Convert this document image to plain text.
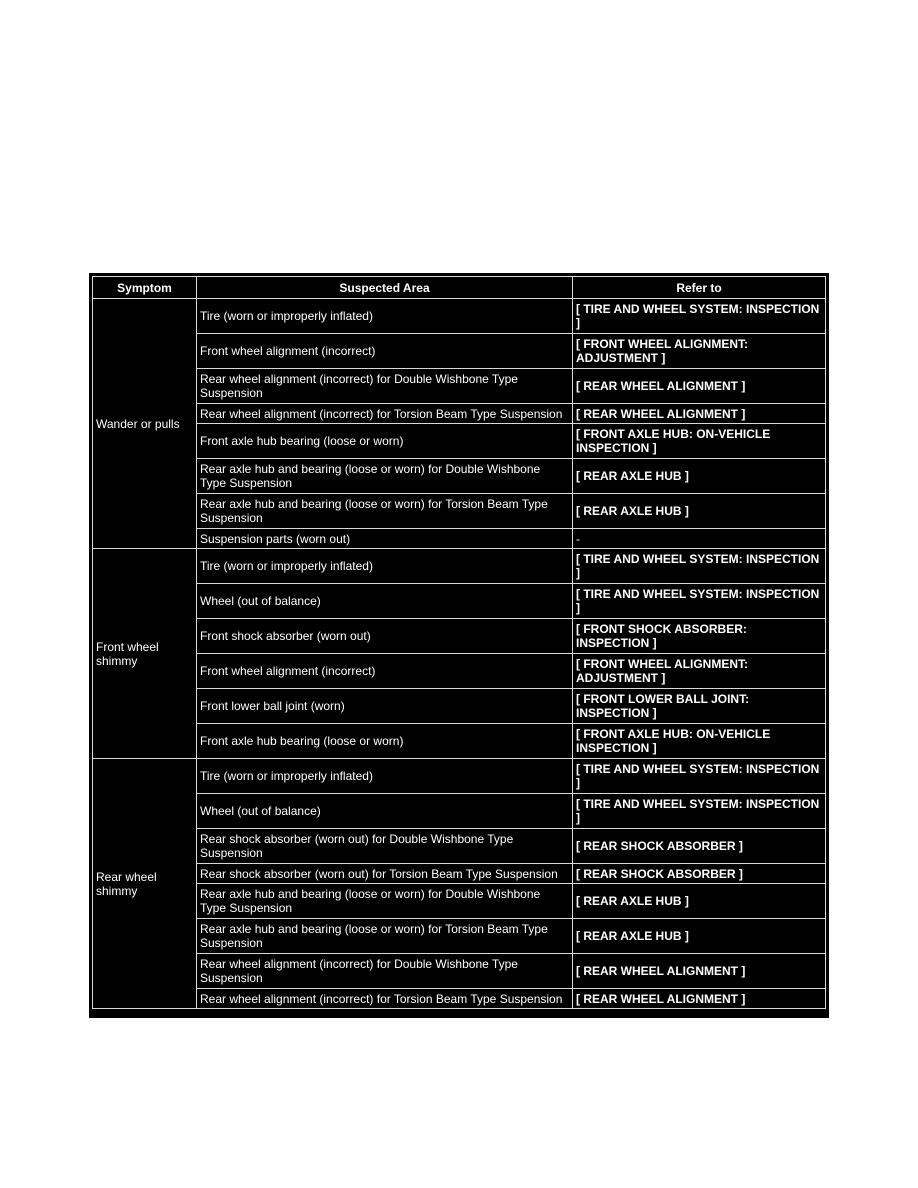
Symptom	Suspected Area	Refer to
Wander or pulls	Tire (worn or improperly inflated)	[ TIRE AND WHEEL SYSTEM: INSPECTION ]
	Front wheel alignment (incorrect)	[ FRONT WHEEL ALIGNMENT: ADJUSTMENT ]
	Rear wheel alignment (incorrect) for Double Wishbone Type Suspension	[ REAR WHEEL ALIGNMENT ]
	Rear wheel alignment (incorrect) for Torsion Beam Type Suspension	[ REAR WHEEL ALIGNMENT ]
	Front axle hub bearing (loose or worn)	[ FRONT AXLE HUB: ON-VEHICLE INSPECTION ]
	Rear axle hub and bearing (loose or worn) for Double Wishbone Type Suspension	[ REAR AXLE HUB ]
	Rear axle hub and bearing (loose or worn) for Torsion Beam Type Suspension	[ REAR AXLE HUB ]
	Suspension parts (worn out)	-
Front wheel shimmy	Tire (worn or improperly inflated)	[ TIRE AND WHEEL SYSTEM: INSPECTION ]
	Wheel (out of balance)	[ TIRE AND WHEEL SYSTEM: INSPECTION ]
	Front shock absorber (worn out)	[ FRONT SHOCK ABSORBER: INSPECTION ]
	Front wheel alignment (incorrect)	[ FRONT WHEEL ALIGNMENT: ADJUSTMENT ]
	Front lower ball joint (worn)	[ FRONT LOWER BALL JOINT: INSPECTION ]
	Front axle hub bearing (loose or worn)	[ FRONT AXLE HUB: ON-VEHICLE INSPECTION ]
Rear wheel shimmy	Tire (worn or improperly inflated)	[ TIRE AND WHEEL SYSTEM: INSPECTION ]
	Wheel (out of balance)	[ TIRE AND WHEEL SYSTEM: INSPECTION ]
	Rear shock absorber (worn out) for Double Wishbone Type Suspension	[ REAR SHOCK ABSORBER ]
	Rear shock absorber (worn out) for Torsion Beam Type Suspension	[ REAR SHOCK ABSORBER ]
	Rear axle hub and bearing (loose or worn) for Double Wishbone Type Suspension	[ REAR AXLE HUB ]
	Rear axle hub and bearing (loose or worn) for Torsion Beam Type Suspension	[ REAR AXLE HUB ]
	Rear wheel alignment (incorrect) for Double Wishbone Type Suspension	[ REAR WHEEL ALIGNMENT ]
	Rear wheel alignment (incorrect) for Torsion Beam Type Suspension	[ REAR WHEEL ALIGNMENT ]
